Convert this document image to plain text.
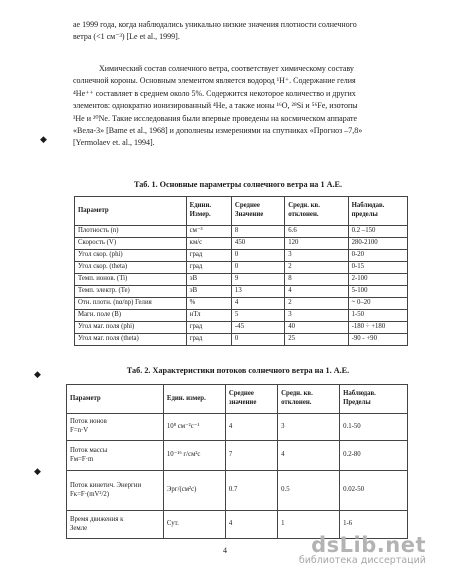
ае 1999 года, когда наблюдались уникально низкие значения плотности солнечного

ветра (<1 см⁻³) [Le et al., 1999].

Химический состав солнечного ветра, соответствует химическому составу

солнечной короны. Основным элементом является водород ¹H⁺. Содержание гелия

⁴He⁺⁺ составляет в среднем около 5%. Содержится некоторое количество и других

элементов: однократно ионизированный ⁴He, а также ионы ¹⁶O, ²⁸Si и ⁵⁶Fe, изотопы

³He и ²⁰Ne. Такие исследования были впервые проведены на космическом аппарате

«Вела-3» [Bame et al., 1968] и дополнены измерениями на спутниках «Прогноз –7,8»

[Yermolaev et. al., 1994].

◆
Таб. 1. Основные параметры солнечного ветра на 1 А.Е.
Параметр	Едини. Измер.	Среднее Значение	Средн. кв. отклонен.	Наблюдав. пределы
Плотность (n)	см⁻³	8	6.6	0.2 –150
Скорость (V)	км/с	450	120	280-2100
Угол скор. (phi)	град	0	3	0-20
Угол скор. (theta)	град	0	2	0-15
Темп. ионов. (Ti)	эВ	9	8	2-100
Темп. электр. (Te)	эВ	13	4	5-100
Отн. плотн. (nα/np) Гелия	%	4	2	~ 0–20
Магн. поле (B)	нТл	5	3	1-50
Угол маг. поля (phi)	град	-45	40	-180 ÷ +180
Угол маг. поля (theta)	град	0	25	-90 - +90
Таб. 2. Характеристики потоков солнечного ветра на 1. А.Е.
◆
Параметр	Един. измер.	Среднее значение	Средн. кв. отклонен.	Наблюдав. Пределы

Поток ионов
F=n·V	10⁸ см⁻²с⁻¹	4	3	0.1-50

Поток массы
Fм=F·m	10⁻¹⁶ г/см²с	7	4	0.2-80

Поток кинетич. Энергии
Fк=F·(mV²/2)	Эрг/(см²с)	0.7	0.5	0.02-50

Время движения к
Земле	Сут.	4	1	1-6
◆
4	dsLib.net
библиотека диссертаций
